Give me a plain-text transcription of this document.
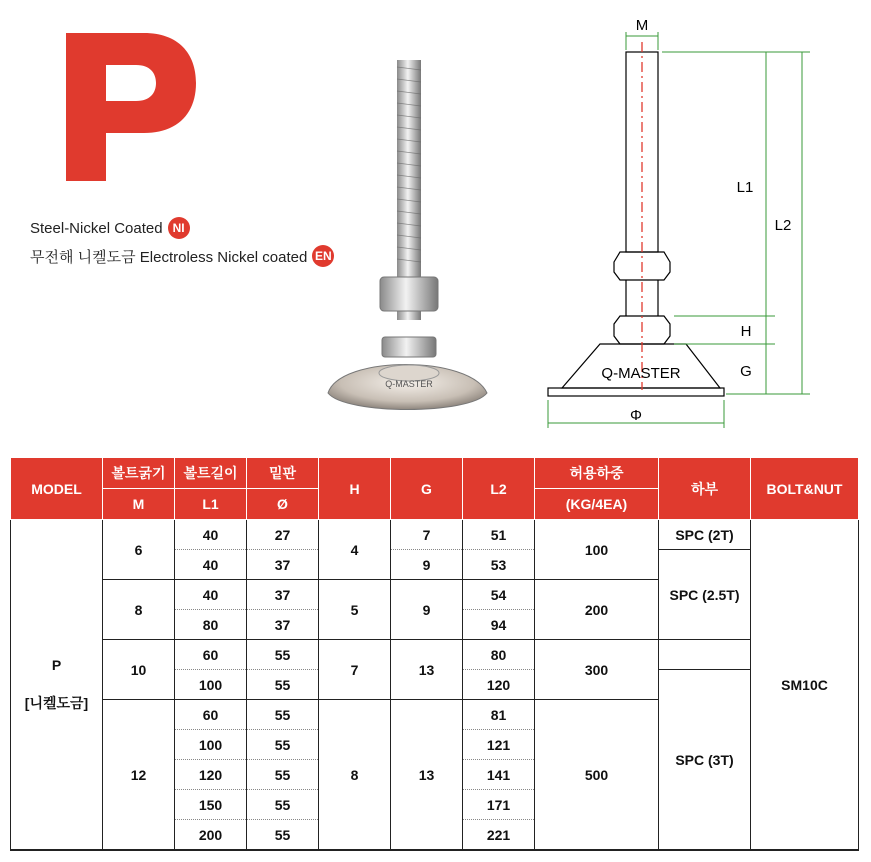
Steel-Nickel Coated NI
무전해 니켈도금 Electroless Nickel coated EN
Q-MASTER
M
L1
L2
H
G
Φ
Q-MASTER
MODEL	볼트굵기	볼트길이	밑판	H	G	L2	허용하중	하부	BOLT&NUT
	M	L1	Ø				(KG/4EA)		

P
[니켈도금]	6	40	27	4	7	51	100	SPC (2T)	SM10C
		40	37		9	53		SPC (2.5T)	
	8	40	37	5	9	54	200		
		80	37			94			
	10	60	55	7	13	80	300		
		100	55			120		SPC (3T)	
	12	60	55	8	13	81	500		
		100	55			121			
		120	55			141			
		150	55			171			
		200	55			221			
